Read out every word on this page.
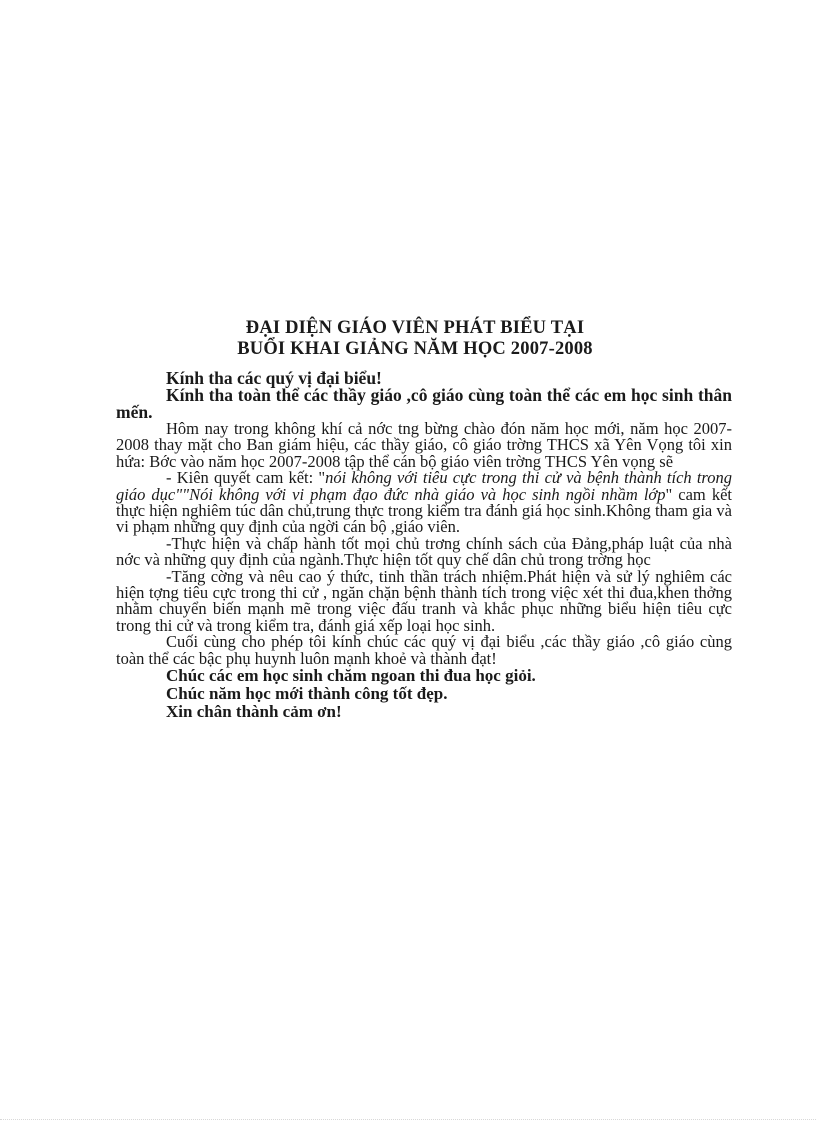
ĐẠI DIỆN GIÁO VIÊN PHÁT BIỂU TẠI
BUỔI KHAI GIẢNG NĂM HỌC 2007-2008

Kính tha các quý vị đại biểu!

Kính tha toàn thể các thầy giáo ,cô giáo cùng toàn thể các em học sinh thân mến.

Hôm nay trong không khí cả nớc tng bừng chào đón năm học mới, năm học 2007-2008 thay mặt cho Ban giám hiệu, các thầy giáo, cô giáo trờng THCS xã Yên Vọng tôi xin hứa: Bớc vào năm học 2007-2008 tập thể cán bộ giáo viên trờng THCS Yên vọng sẽ

- Kiên quyết cam kết: "nói không với tiêu cực trong thi cử và bệnh thành tích trong giáo dục""Nói không với vi phạm đạo đức nhà giáo và học sinh ngồi nhầm lớp" cam kết thực hiện nghiêm túc dân chủ,trung thực trong kiểm tra đánh giá học sinh.Không tham gia và vi phạm những quy định của ngời cán bộ ,giáo viên.

-Thực hiện và chấp hành tốt mọi chủ trơng chính sách của Đảng,pháp luật của nhà nớc và những quy định của ngành.Thực hiện tốt quy chế dân chủ trong trờng học

-Tăng cờng và nêu cao ý thức, tinh thần trách nhiệm.Phát hiện và sử lý nghiêm các hiện tợng tiêu cực trong thi cử , ngăn chặn bệnh thành tích trong việc xét thi đua,khen thởng nhằm chuyển biến mạnh mẽ trong việc đấu tranh và khắc phục những biểu hiện tiêu cực trong thi cử và trong kiểm tra, đánh giá xếp loại học sinh.

Cuối cùng cho phép tôi kính chúc các quý vị đại biểu ,các thầy giáo ,cô giáo cùng toàn thể các bậc phụ huynh luôn mạnh khoẻ và thành đạt!

Chúc các em học sinh chăm ngoan thi đua học giỏi.

Chúc năm học mới thành công tốt đẹp.

Xin chân thành cảm ơn!
